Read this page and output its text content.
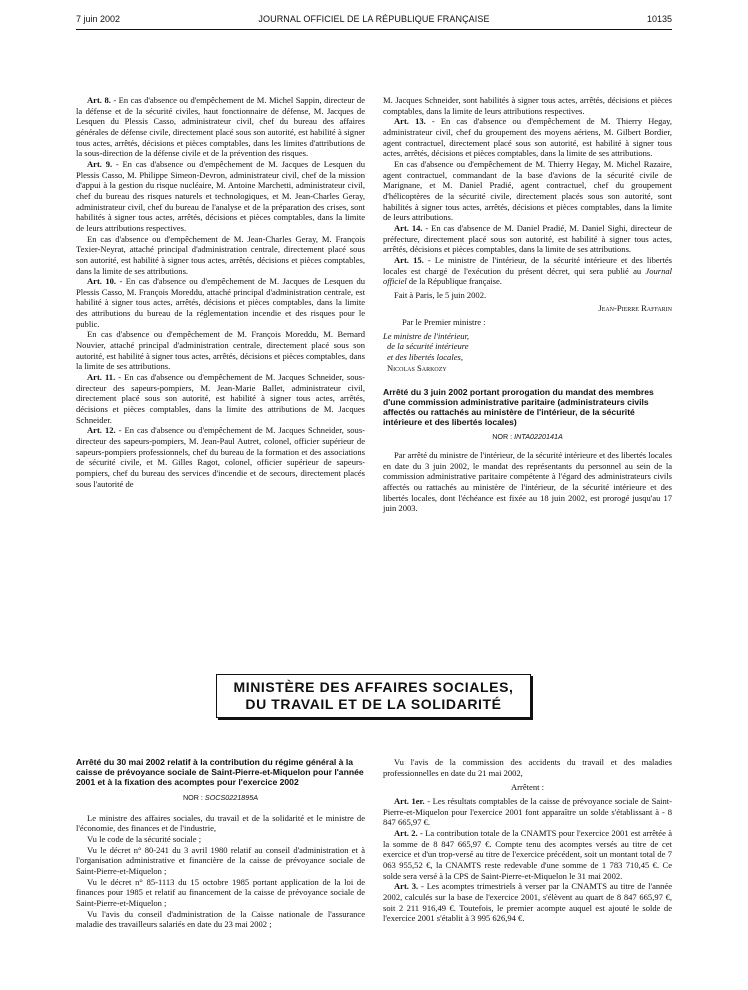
7 juin 2002	JOURNAL OFFICIEL DE LA RÉPUBLIQUE FRANÇAISE	10135

Art. 8. - En cas d'absence ou d'empêchement de M. Michel Sappin, directeur de la défense et de la sécurité civiles, haut fonctionnaire de défense, M. Jacques de Lesquen du Plessis Casso, administrateur civil, chef du bureau des affaires générales de défense civile, directement placé sous son autorité, est habilité à signer tous actes, arrêtés, décisions et pièces comptables, dans les limites d'attributions de la sous-direction de la défense civile et de la prévention des risques.

Art. 9. - En cas d'absence ou d'empêchement de M. Jacques de Lesquen du Plessis Casso, M. Philippe Simeon-Devron, administrateur civil, chef de la mission d'appui à la gestion du risque nucléaire, M. Antoine Marchetti, administrateur civil, chef du bureau des risques naturels et technologiques, et M. Jean-Charles Geray, administrateur civil, chef du bureau de l'analyse et de la préparation des crises, sont habilités à signer tous actes, arrêtés, décisions et pièces comptables, dans la limite de leurs attributions respectives.

En cas d'absence ou d'empêchement de M. Jean-Charles Geray, M. François Texier-Neyrat, attaché principal d'administration centrale, directement placé sous son autorité, est habilité à signer tous actes, arrêtés, décisions et pièces comptables, dans la limite de ses attributions.

Art. 10. - En cas d'absence ou d'empêchement de M. Jacques de Lesquen du Plessis Casso, M. François Moreddu, attaché principal d'administration centrale, est habilité à signer tous actes, arrêtés, décisions et pièces comptables, dans la limite des attributions du bureau de la réglementation incendie et des risques pour le public.

En cas d'absence ou d'empêchement de M. François Moreddu, M. Bernard Nouvier, attaché principal d'administration centrale, directement placé sous son autorité, est habilité à signer tous actes, arrêtés, décisions et pièces comptables, dans la limite de ses attributions.

Art. 11. - En cas d'absence ou d'empêchement de M. Jacques Schneider, sous-directeur des sapeurs-pompiers, M. Jean-Marie Ballet, administrateur civil, directement placé sous son autorité, est habilité à signer tous actes, arrêtés, décisions et pièces comptables, dans la limite des attributions de M. Jacques Schneider.

Art. 12. - En cas d'absence ou d'empêchement de M. Jacques Schneider, sous-directeur des sapeurs-pompiers, M. Jean-Paul Autret, colonel, officier supérieur de sapeurs-pompiers professionnels, chef du bureau de la formation et des associations de sécurité civile, et M. Gilles Ragot, colonel, officier supérieur de sapeurs-pompiers, chef du bureau des services d'incendie et de secours, directement placés sous l'autorité de

M. Jacques Schneider, sont habilités à signer tous actes, arrêtés, décisions et pièces comptables, dans la limite de leurs attributions respectives.

Art. 13. - En cas d'absence ou d'empêchement de M. Thierry Hegay, administrateur civil, chef du groupement des moyens aériens, M. Gilbert Bordier, agent contractuel, directement placé sous son autorité, est habilité à signer tous actes, arrêtés, décisions et pièces comptables, dans la limite de ses attributions.

En cas d'absence ou d'empêchement de M. Thierry Hegay, M. Michel Razaire, agent contractuel, commandant de la base d'avions de la sécurité civile de Marignane, et M. Daniel Pradié, agent contractuel, chef du groupement d'hélicoptères de la sécurité civile, directement placés sous son autorité, sont habilités à signer tous actes, arrêtés, décisions et pièces comptables, dans la limite de leurs attributions.

Art. 14. - En cas d'absence de M. Daniel Pradié, M. Daniel Sighi, directeur de préfecture, directement placé sous son autorité, est habilité à signer tous actes, arrêtés, décisions et pièces comptables, dans la limite de ses attributions.

Art. 15. - Le ministre de l'intérieur, de la sécurité intérieure et des libertés locales est chargé de l'exécution du présent décret, qui sera publié au Journal officiel de la République française.

Fait à Paris, le 5 juin 2002.

Jean-Pierre Raffarin

Par le Premier ministre :

Le ministre de l'intérieur,

de la sécurité intérieure

et des libertés locales,

Nicolas Sarkozy

Arrêté du 3 juin 2002 portant prorogation du mandat des membres d'une commission administrative paritaire (administrateurs civils affectés ou rattachés au ministère de l'intérieur, de la sécurité intérieure et des libertés locales)
NOR : INTA0220141A

Par arrêté du ministre de l'intérieur, de la sécurité intérieure et des libertés locales en date du 3 juin 2002, le mandat des représentants du personnel au sein de la commission administrative paritaire compétente à l'égard des administrateurs civils affectés ou rattachés au ministère de l'intérieur, de la sécurité intérieure et des libertés locales, dont l'échéance est fixée au 18 juin 2002, est prorogé jusqu'au 17 juin 2003.

MINISTÈRE DES AFFAIRES SOCIALES,
DU TRAVAIL ET DE LA SOLIDARITÉ
Arrêté du 30 mai 2002 relatif à la contribution du régime général à la caisse de prévoyance sociale de Saint-Pierre-et-Miquelon pour l'année 2001 et à la fixation des acomptes pour l'exercice 2002
NOR : SOCS0221895A

Le ministre des affaires sociales, du travail et de la solidarité et le ministre de l'économie, des finances et de l'industrie,

Vu le code de la sécurité sociale ;

Vu le décret n° 80-241 du 3 avril 1980 relatif au conseil d'administration et à l'organisation administrative et financière de la caisse de prévoyance sociale de Saint-Pierre-et-Miquelon ;

Vu le décret n° 85-1113 du 15 octobre 1985 portant application de la loi de finances pour 1985 et relatif au financement de la caisse de prévoyance sociale de Saint-Pierre-et-Miquelon ;

Vu l'avis du conseil d'administration de la Caisse nationale de l'assurance maladie des travailleurs salariés en date du 23 mai 2002 ;

Vu l'avis de la commission des accidents du travail et des maladies professionnelles en date du 21 mai 2002,

Arrêtent :

Art. 1er. - Les résultats comptables de la caisse de prévoyance sociale de Saint-Pierre-et-Miquelon pour l'exercice 2001 font apparaître un solde s'établissant à - 8 847 665,97 €.

Art. 2. - La contribution totale de la CNAMTS pour l'exercice 2001 est arrêtée à la somme de 8 847 665,97 €. Compte tenu des acomptes versés au titre de cet exercice et d'un trop-versé au titre de l'exercice précédent, soit un montant total de 7 063 955,52 €, la CNAMTS reste redevable d'une somme de 1 783 710,45 €. Ce solde sera versé à la CPS de Saint-Pierre-et-Miquelon le 31 mai 2002.

Art. 3. - Les acomptes trimestriels à verser par la CNAMTS au titre de l'année 2002, calculés sur la base de l'exercice 2001, s'élèvent au quart de 8 847 665,97 €, soit 2 211 916,49 €. Toutefois, le premier acompte auquel est ajouté le solde de l'exercice 2001 s'établit à 3 995 626,94 €.
